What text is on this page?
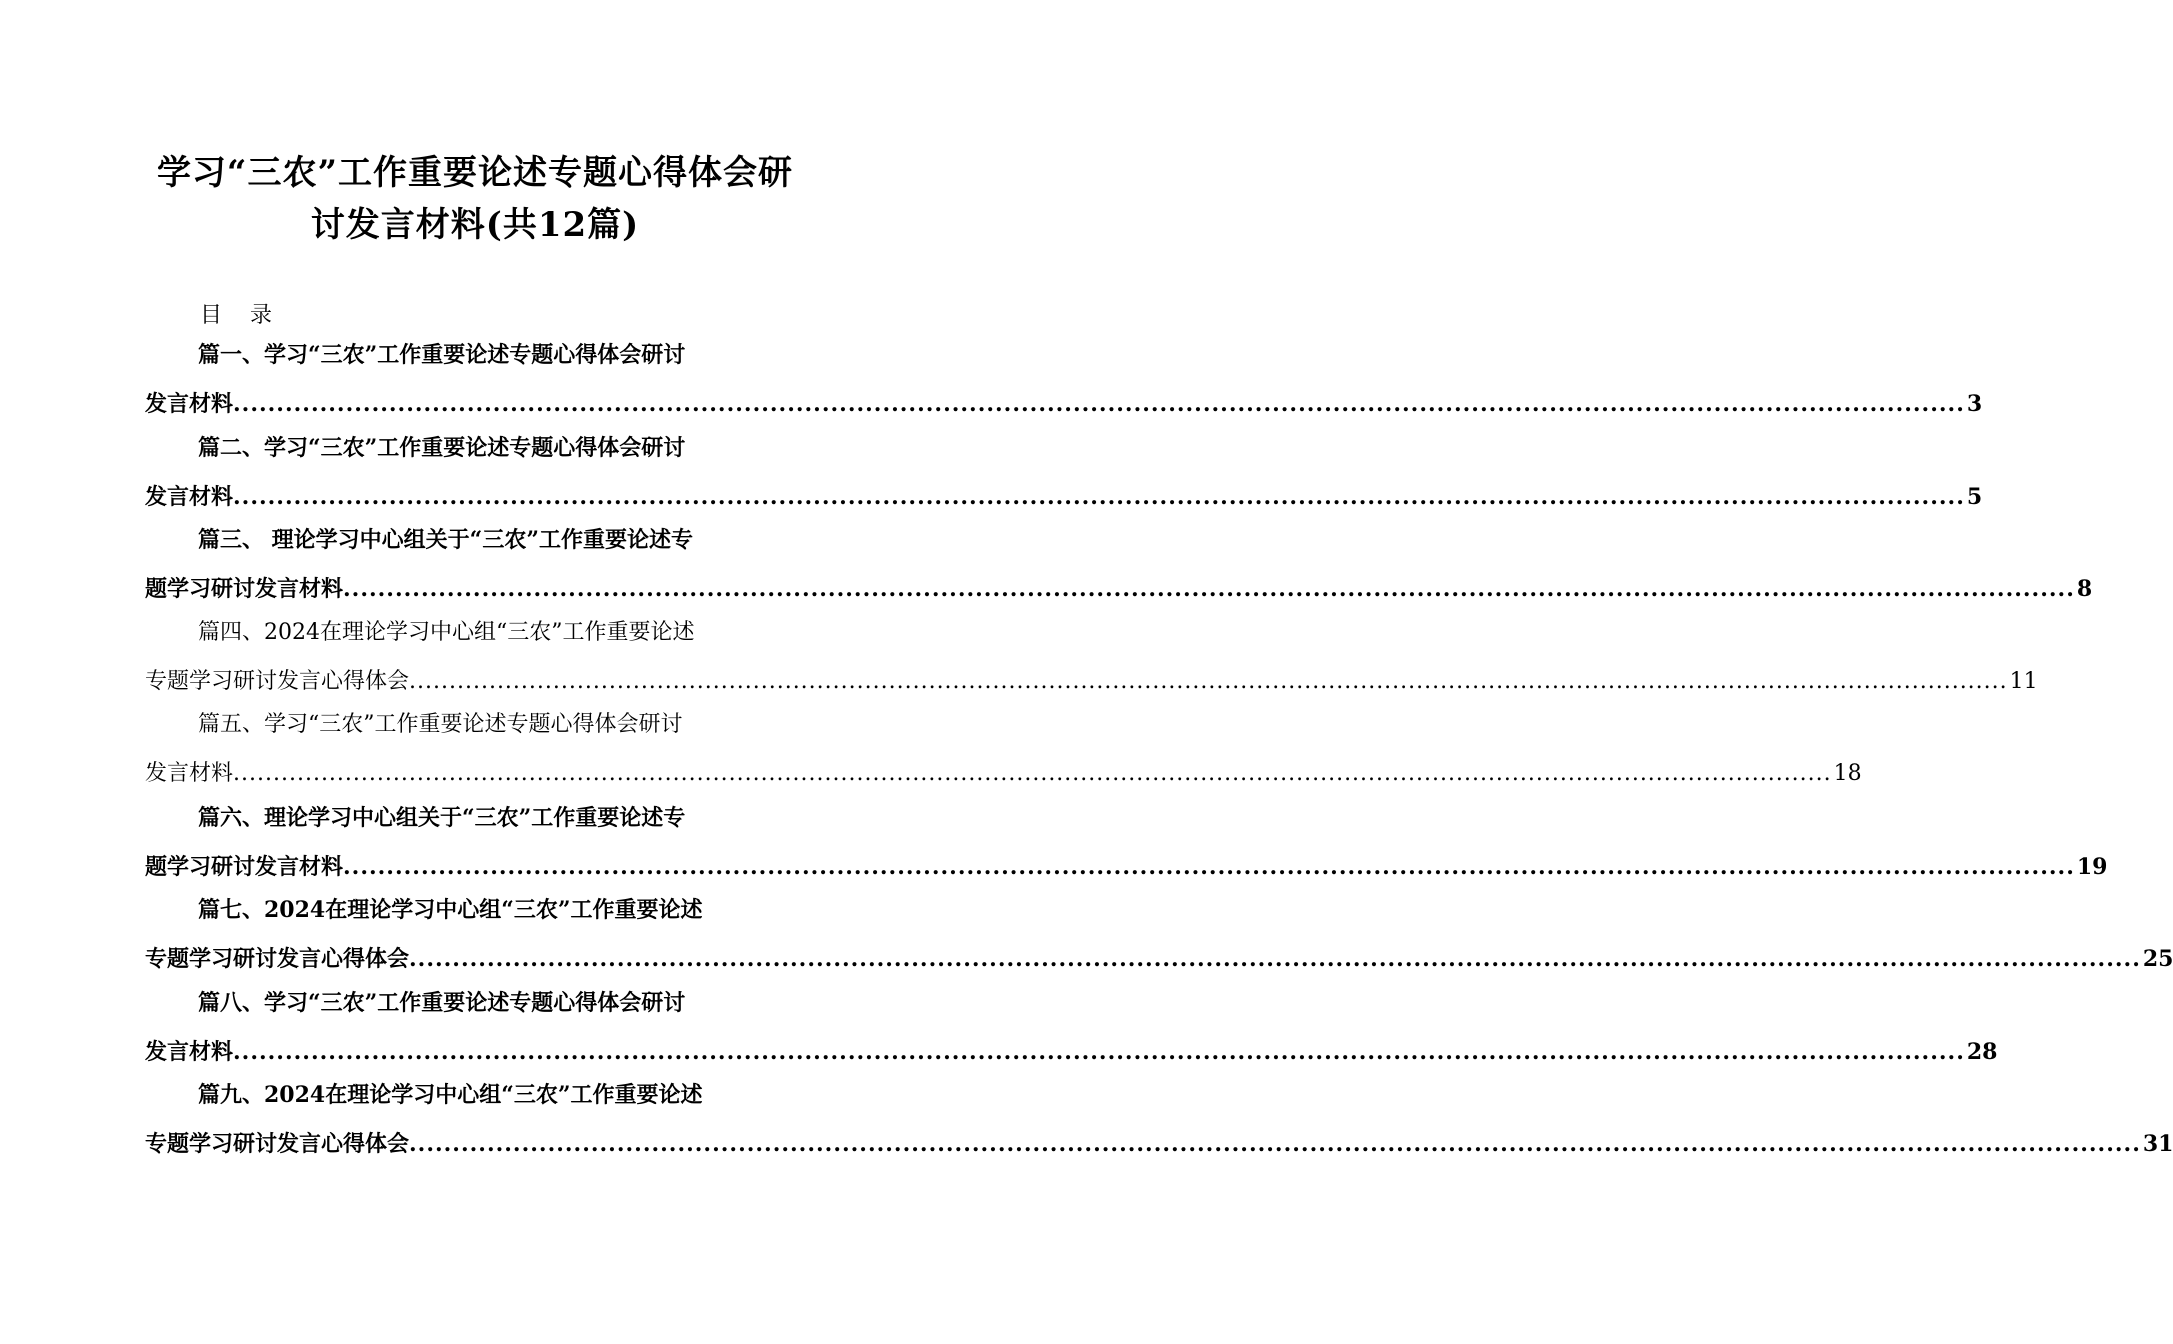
学习“三农”工作重要论述专题心得体会研
讨发言材料(共12篇)
目    录
篇一、学习“三农”工作重要论述专题心得体会研讨
发言材料 ........................................................................................................................................................................................................ 3
篇二、学习“三农”工作重要论述专题心得体会研讨
发言材料 ........................................................................................................................................................................................................ 5
篇三、 理论学习中心组关于“三农”工作重要论述专
题学习研讨发言材料 ........................................................................................................................................................................................................ 8
篇四、2024在理论学习中心组“三农”工作重要论述
专题学习研讨发言心得体会 ........................................................................................................................................................................................................ 11
篇五、学习“三农”工作重要论述专题心得体会研讨
发言材料 ........................................................................................................................................................................................................ 18
篇六、理论学习中心组关于“三农”工作重要论述专
题学习研讨发言材料 ........................................................................................................................................................................................................ 19
篇七、2024在理论学习中心组“三农”工作重要论述
专题学习研讨发言心得体会 ........................................................................................................................................................................................................ 25
篇八、学习“三农”工作重要论述专题心得体会研讨
发言材料 ........................................................................................................................................................................................................ 28
篇九、2024在理论学习中心组“三农”工作重要论述
专题学习研讨发言心得体会 ........................................................................................................................................................................................................ 31
